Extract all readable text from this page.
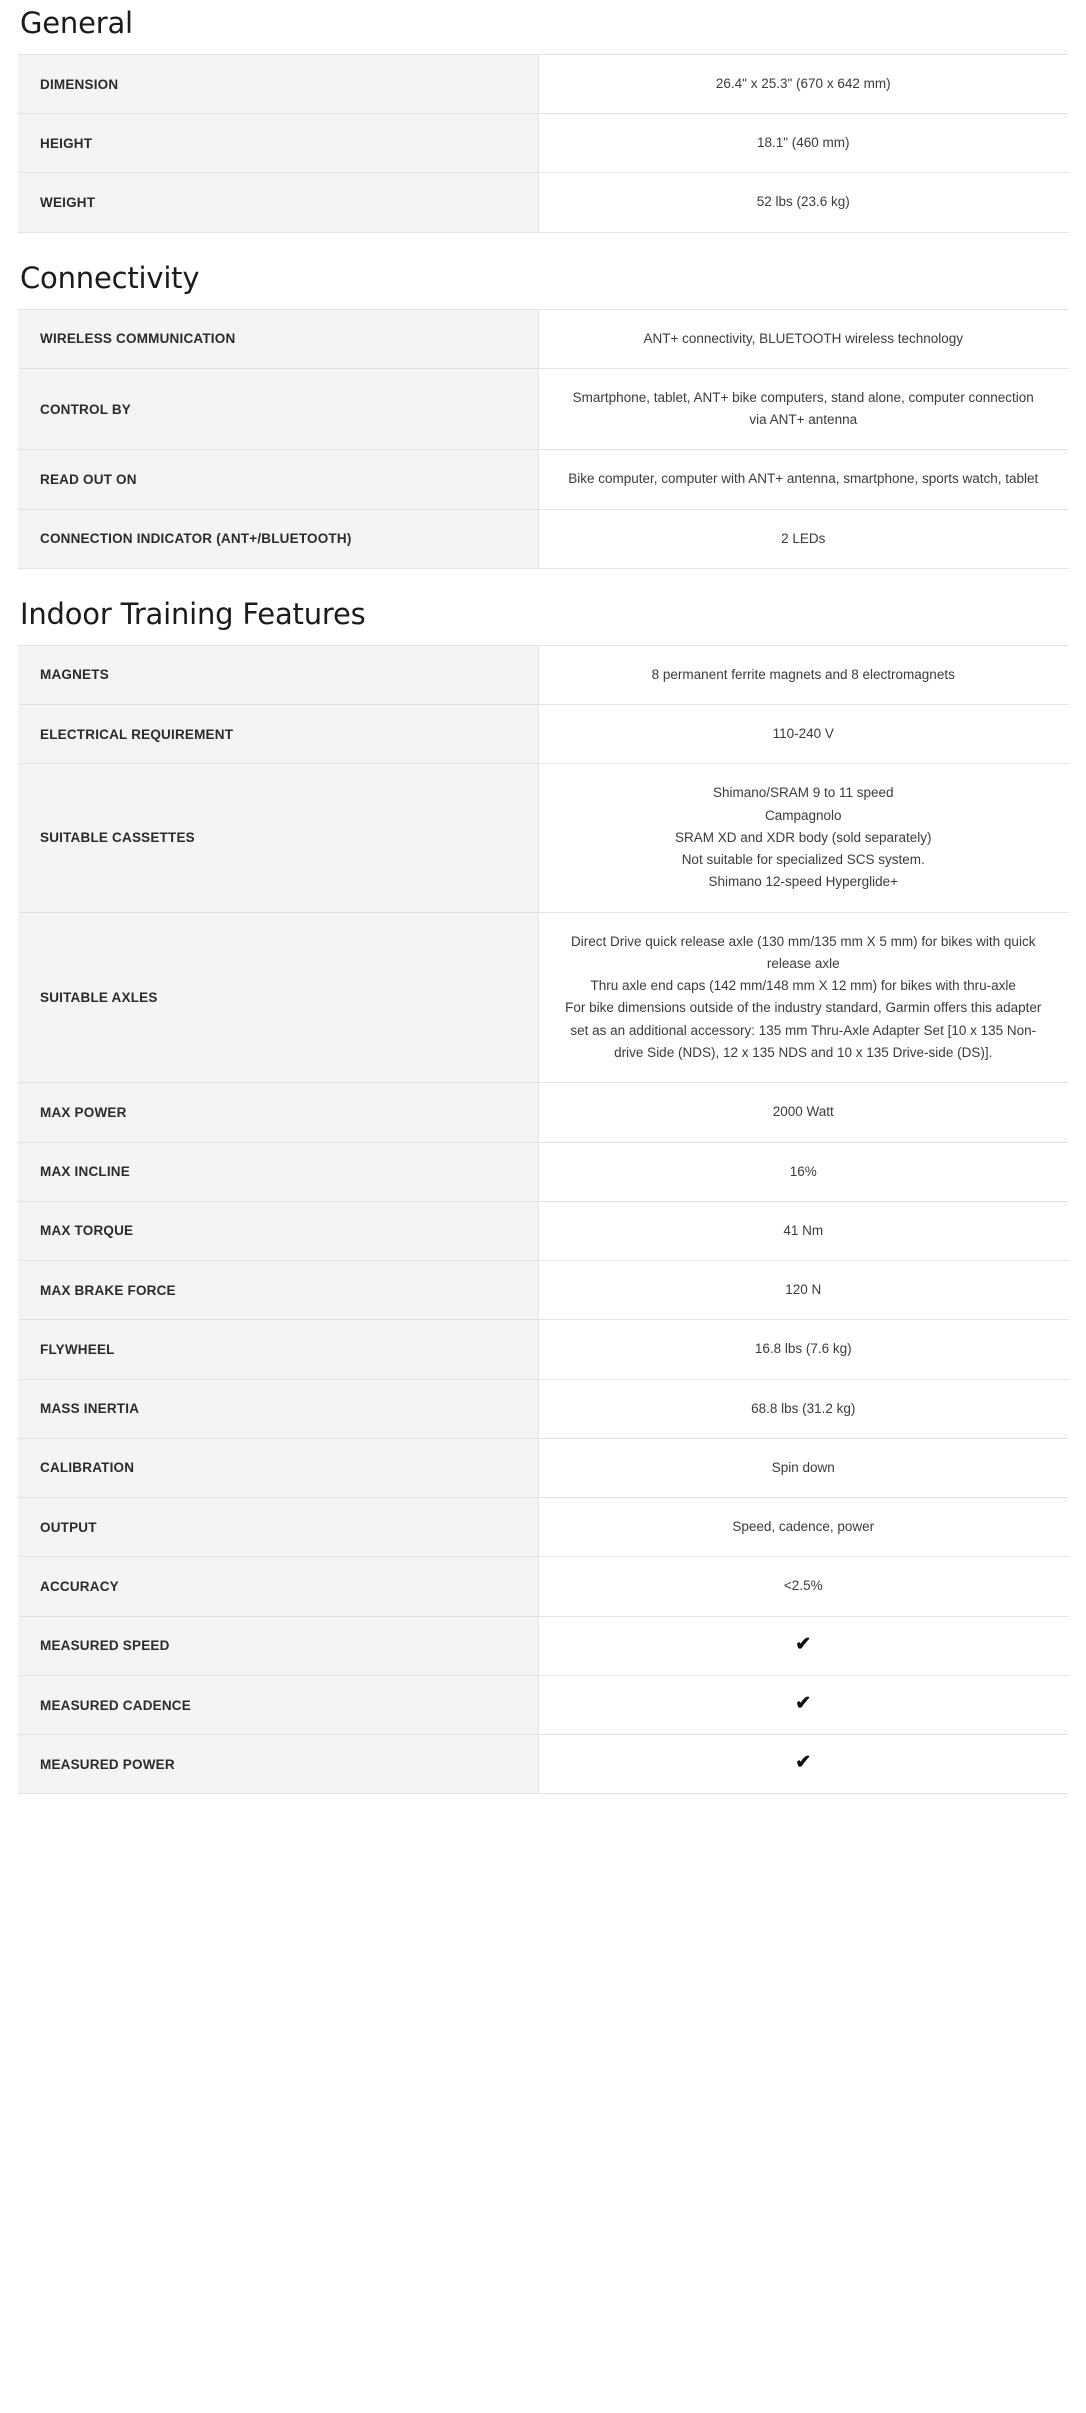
General
DIMENSION	26.4" x 25.3" (670 x 642 mm)

HEIGHT	18.1" (460 mm)

WEIGHT	52 lbs (23.6 kg)
Connectivity
WIRELESS COMMUNICATION	ANT+ connectivity, BLUETOOTH wireless technology

CONTROL BY	Smartphone, tablet, ANT+ bike computers, stand alone, computer connection via ANT+ antenna

READ OUT ON	Bike computer, computer with ANT+ antenna, smartphone, sports watch, tablet

CONNECTION INDICATOR (ANT+/BLUETOOTH)	2 LEDs
Indoor Training Features
MAGNETS	8 permanent ferrite magnets and 8 electromagnets

ELECTRICAL REQUIREMENT	110-240 V

SUITABLE CASSETTES	Shimano/SRAM 9 to 11 speed
Campagnolo
SRAM XD and XDR body (sold separately)
Not suitable for specialized SCS system.
Shimano 12-speed Hyperglide+

SUITABLE AXLES	Direct Drive quick release axle (130 mm/135 mm X 5 mm) for bikes with quick release axle
Thru axle end caps (142 mm/148 mm X 12 mm) for bikes with thru-axle
For bike dimensions outside of the industry standard, Garmin offers this adapter set as an additional accessory: 135 mm Thru-Axle Adapter Set [10 x 135 Non-drive Side (NDS), 12 x 135 NDS and 10 x 135 Drive-side (DS)].

MAX POWER	2000 Watt

MAX INCLINE	16%

MAX TORQUE	41 Nm

MAX BRAKE FORCE	120 N

FLYWHEEL	16.8 lbs (7.6 kg)

MASS INERTIA	68.8 lbs (31.2 kg)

CALIBRATION	Spin down

OUTPUT	Speed, cadence, power

ACCURACY	<2.5%

MEASURED SPEED	✔
MEASURED CADENCE	✔
MEASURED POWER	✔
